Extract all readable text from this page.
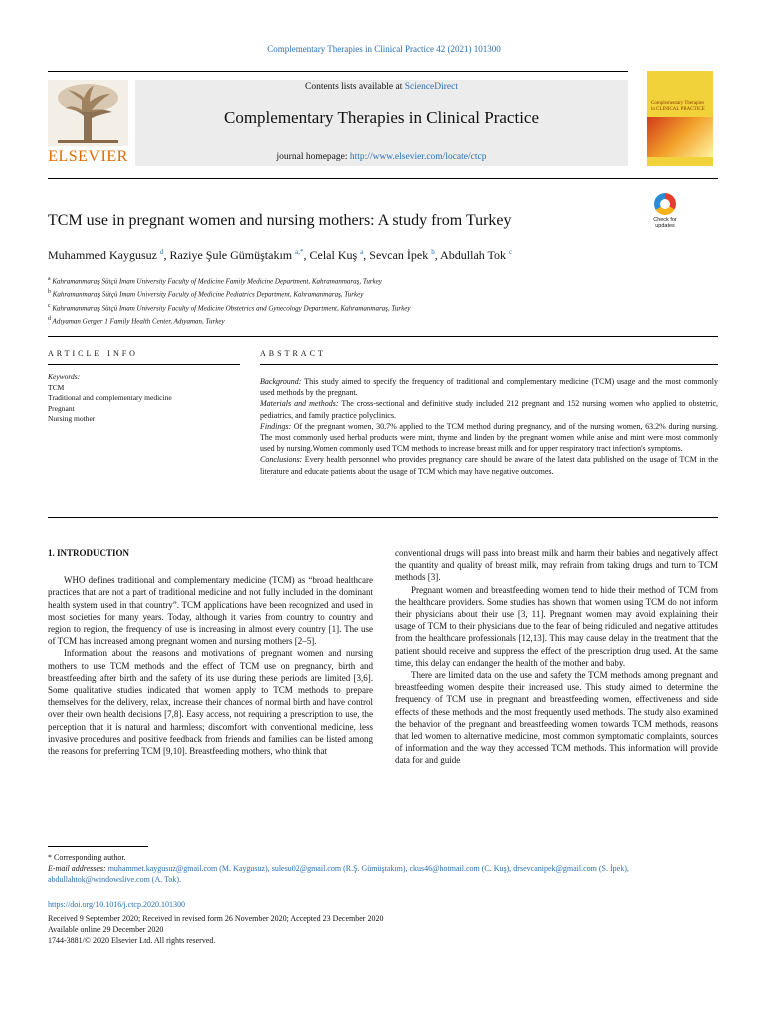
Complementary Therapies in Clinical Practice 42 (2021) 101300
ELSEVIER
Contents lists available at ScienceDirect
Complementary Therapies in Clinical Practice
journal homepage: http://www.elsevier.com/locate/ctcp
Complementary Therapies in CLINICAL PRACTICE
TCM use in pregnant women and nursing mothers: A study from Turkey	Check for updates
Muhammed Kaygusuz $^d$, Raziye Şule Gümüştakım $^{a,*}$, Celal Kuş $^a$, Sevcan İpek $^b$, Abdullah Tok $^c$
$^a$ Kahramanmaraş Sütçü Imam University Faculty of Medicine Family Medicine Department, Kahramanmaraş, Turkey
$^b$ Kahramanmaraş Sütçü Imam University Faculty of Medicine Pediatrics Department, Kahramanmaraş, Turkey
$^c$ Kahramanmaraş Sütçü Imam University Faculty of Medicine Obstetrics and Gynecology Department, Kahramanmaraş, Turkey
$^d$ Adıyaman Gerger 1 Family Health Center, Adıyaman, Turkey
ARTICLE INFO	ABSTRACT
Keywords:
TCM
Traditional and complementary medicine
Pregnant
Nursing mother

Background: This study aimed to specify the frequency of traditional and complementary medicine (TCM) usage and the most commonly used methods by the pregnant.

Materials and methods: The cross-sectional and definitive study included 212 pregnant and 152 nursing women who applied to obstetric, pediatrics, and family practice polyclinics.

Findings: Of the pregnant women, 30.7% applied to the TCM method during pregnancy, and of the nursing women, 63.2% during nursing. The most commonly used herbal products were mint, thyme and linden by the pregnant women while anise and mint were most commonly used by nursing.Women commonly used TCM methods to increase breast milk and for upper respiratory tract infection's symptoms.

Conclusions: Every health personnel who provides pregnancy care should be aware of the latest data published on the usage of TCM in the literature and educate patients about the usage of TCM which may have negative outcomes.

1. INTRODUCTION

WHO defines traditional and complementary medicine (TCM) as “broad healthcare practices that are not a part of traditional medicine and not fully included in the dominant health system used in that country”. TCM applications have been recognized and used in most societies for many years. Today, although it varies from country to country and region to region, the frequency of use is increasing in almost every country [1]. The use of TCM has increased among pregnant women and nursing mothers [2–5].

Information about the reasons and motivations of pregnant women and nursing mothers to use TCM methods and the effect of TCM use on pregnancy, birth and breastfeeding after birth and the safety of its use during these periods are limited [3,6]. Some qualitative studies indicated that women apply to TCM methods to prepare themselves for the delivery, relax, increase their chances of normal birth and have control over their own health decisions [7,8]. Easy access, not requiring a prescription to use, the perception that it is natural and harmless; discomfort with conventional medicine, less invasive procedures and positive feedback from friends and families can be listed among the reasons for preferring TCM [9,10]. Breastfeeding mothers, who think that

conventional drugs will pass into breast milk and harm their babies and negatively affect the quantity and quality of breast milk, may refrain from taking drugs and turn to TCM methods [3].

Pregnant women and breastfeeding women tend to hide their method of TCM from the healthcare providers. Some studies has shown that women using TCM do not inform their physicians about their use [3, 11]. Pregnant women may avoid explaining their usage of TCM to their physicians due to the fear of being ridiculed and negative attitudes from the healthcare professionals [12,13]. This may cause delay in the treatment that the patient should receive and suppress the effect of the prescription drug used. At the same time, this delay can endanger the health of the mother and baby.

There are limited data on the use and safety the TCM methods among pregnant and breastfeeding women despite their increased use. This study aimed to determine the frequency of TCM use in pregnant and breastfeeding women, effectiveness and side effects of these methods and the most frequently used methods. The study also examined the behavior of the pregnant and breastfeeding women towards TCM methods, reasons that led women to alternative medicine, most common symptomatic complaints, sources of information and the way they accessed TCM methods. This information will provide data for and guide

* Corresponding author.

E-mail addresses: muhammet.kaygusuz@gmail.com (M. Kaygusuz), sulesu02@gmail.com (R.Ş. Gümüştakım), ckus46@hotmail.com (C. Kuş), drsevcanipek@gmail.com (S. İpek), abdullahtok@windowslive.com (A. Tok).

https://doi.org/10.1016/j.ctcp.2020.101300
Received 9 September 2020; Received in revised form 26 November 2020; Accepted 23 December 2020
Available online 29 December 2020
1744-3881/© 2020 Elsevier Ltd. All rights reserved.
